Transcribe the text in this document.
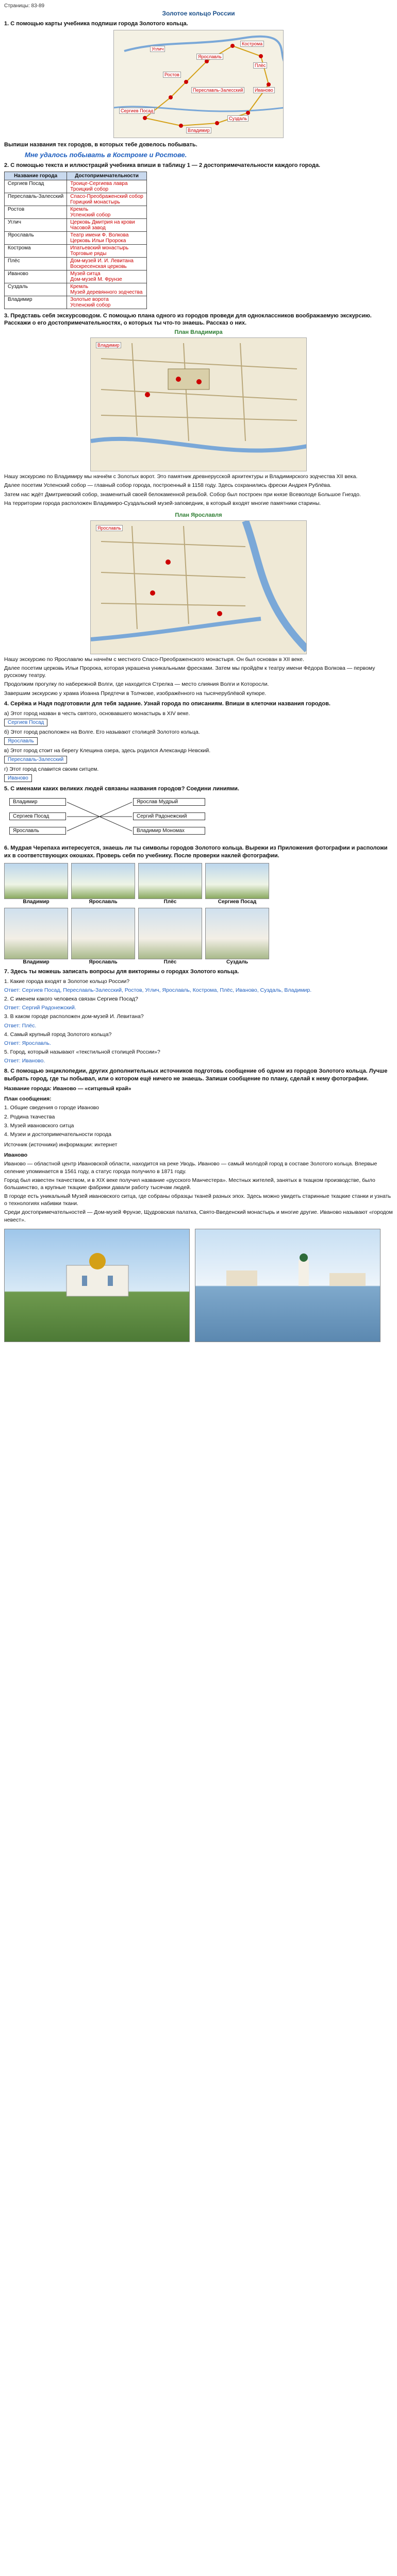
Страницы: 83-89
Золотое кольцо России
1. С помощью карты учебника подпиши города Золотого кольца.
Углич
Переславль-Залесский
Ярославль
Кострома
Ростов
Плёс
Иваново
Сергиев Посад
Владимир
Суздаль
Выпиши названия тех городов, в которых тебе довелось побывать.
Мне удалось побывать в Костроме и Ростове.
2. С помощью текста и иллюстраций учебника впиши в таблицу 1 — 2 достопримечательности каждого города.
Название города	Достопримечательности
Сергиев Посад	Троице-Сергиева лавра
Троицкий собор

Переславль-Залесский	Спасо-Преображенский собор
Горицкий монастырь

Ростов	Кремль
Успенский собор

Углич	Церковь Дмитрия на крови
Часовой завод

Ярославль	Театр имени Ф. Волкова
Церковь Ильи Пророка

Кострома	Ипатьевский монастырь
Торговые ряды

Плёс	Дом-музей И. И. Левитана
Воскресенская церковь

Иваново	Музей ситца
Дом-музей М. Фрунзе

Суздаль	Кремль
Музей деревянного зодчества

Владимир	Золотые ворота
Успенский собор
3. Представь себя экскурсоводом. С помощью плана одного из городов проведи для одноклассников воображаемую экскурсию. Расскажи о его достопримечательностях, о которых ты что-то знаешь. Рассказ о них.
План Владимира
Владимир
Нашу экскурсию по Владимиру мы начнём с Золотых ворот. Это памятник древнерусской архитектуры и Владимирского зодчества XII века.
Далее посетим Успенский собор — главный собор города, построенный в 1158 году. Здесь сохранились фрески Андрея Рублёва.
Затем нас ждёт Дмитриевский собор, знаменитый своей белокаменной резьбой. Собор был построен при князе Всеволоде Большое Гнездо.
На территории города расположен Владимиро-Суздальский музей-заповедник, в который входят многие памятники старины.
План Ярославля
Ярославль
Нашу экскурсию по Ярославлю мы начнём с местного Спасо-Преображенского монастыря. Он был основан в XII веке.
Далее посетим церковь Ильи Пророка, которая украшена уникальными фресками. Затем мы пройдём к театру имени Фёдора Волкова — первому русскому театру.
Продолжим прогулку по набережной Волги, где находится Стрелка — место слияния Волги и Которосли.
Завершим экскурсию у храма Иоанна Предтечи в Толчкове, изображённого на тысячерублёвой купюре.
4. Серёжа и Надя подготовили для тебя задание. Узнай города по описаниям. Впиши в клеточки названия городов.
а) Этот город назван в честь святого, основавшего монастырь в XIV веке.
Сергиев Посад
б) Этот город расположен на Волге. Его называют столицей Золотого кольца.
Ярославль
в) Этот город стоит на берегу Клещина озера, здесь родился Александр Невский.
Переславль-Залесский
г) Этот город славится своим ситцем.
Иваново
5. С именами каких великих людей связаны названия городов? Соедини линиями.
Владимир
Сергиев Посад
Ярославль
Ярослав Мудрый
Сергий Радонежский
Владимир Мономах
6. Мудрая Черепаха интересуется, знаешь ли ты символы городов Золотого кольца. Вырежи из Приложения фотографии и расположи их в соответствующих окошках. Проверь себя по учебнику. После проверки наклей фотографии.
Владимир	Ярославль	Плёс	Сергиев Посад
Владимир	Ярославль	Плёс	Суздаль
7. Здесь ты можешь записать вопросы для викторины о городах Золотого кольца.
1. Какие города входят в Золотое кольцо России?
Ответ: Сергиев Посад, Переславль-Залесский, Ростов, Углич, Ярославль, Кострома, Плёс, Иваново, Суздаль, Владимир.
2. С именем какого человека связан Сергиев Посад?
Ответ: Сергий Радонежский.
3. В каком городе расположен дом-музей И. Левитана?
Ответ: Плёс.
4. Самый крупный город Золотого кольца?
Ответ: Ярославль.
5. Город, который называют «текстильной столицей России»?
Ответ: Иваново.
8. С помощью энциклопедии, других дополнительных источников подготовь сообщение об одном из городов Золотого кольца. Лучше выбрать город, где ты побывал, или о котором ещё ничего не знаешь. Запиши сообщение по плану, сделай к нему фотографии.
Название города: Иваново — «ситцевый край»
План сообщения:
1. Общие сведения о городе Иваново
2. Родина ткачества
3. Музей ивановского ситца
4. Музеи и достопримечательности города
Источник (источники) информации: интернет
Иваново
Иваново — областной центр Ивановской области, находится на реке Уводь. Иваново — самый молодой город в составе Золотого кольца. Впервые селение упоминается в 1561 году, а статус города получило в 1871 году.
Город был известен ткачеством, и в XIX веке получил название «русского Манчестера». Местных жителей, занятых в ткацком производстве, было большинство, а крупные ткацкие фабрики давали работу тысячам людей.
В городе есть уникальный Музей ивановского ситца, где собраны образцы тканей разных эпох. Здесь можно увидеть старинные ткацкие станки и узнать о технологиях набивки ткани.
Среди достопримечательностей — Дом-музей Фрунзе, Щудровская палатка, Свято-Введенский монастырь и многие другие. Иваново называют «городом невест».
